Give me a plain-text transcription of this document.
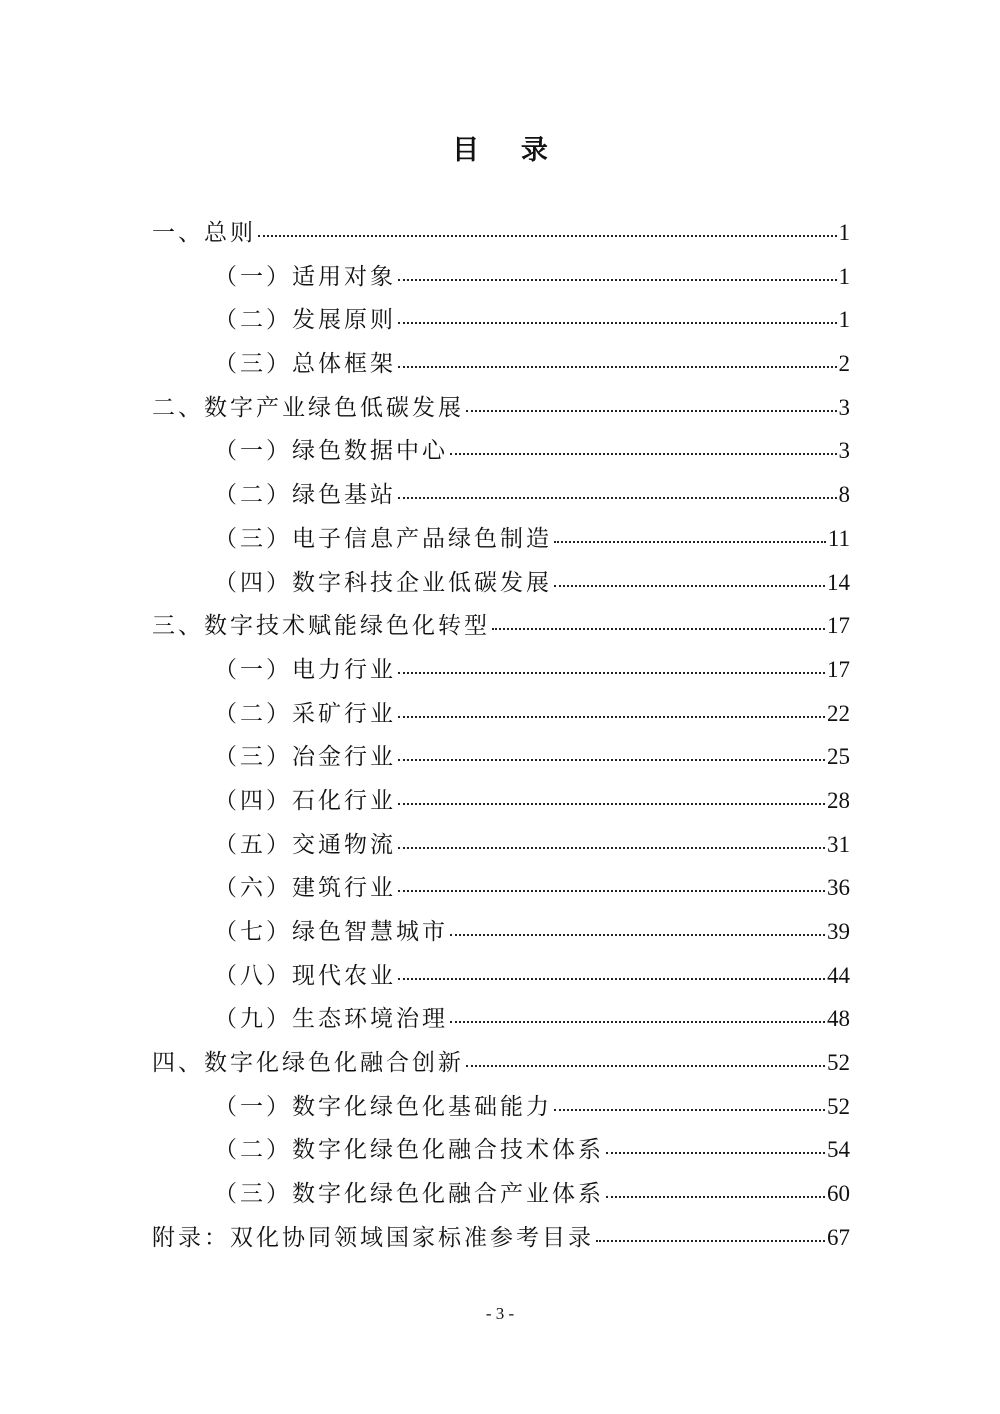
目 录
一、总则	1
（一）适用对象	1
（二）发展原则	1
（三）总体框架	2
二、数字产业绿色低碳发展	3
（一）绿色数据中心	3
（二）绿色基站	8
（三）电子信息产品绿色制造	11
（四）数字科技企业低碳发展	14
三、数字技术赋能绿色化转型	17
（一）电力行业	17
（二）采矿行业	22
（三）冶金行业	25
（四）石化行业	28
（五）交通物流	31
（六）建筑行业	36
（七）绿色智慧城市	39
（八）现代农业	44
（九）生态环境治理	48
四、数字化绿色化融合创新	52
（一）数字化绿色化基础能力	52
（二）数字化绿色化融合技术体系	54
（三）数字化绿色化融合产业体系	60
附录：双化协同领域国家标准参考目录	67
- 3 -
